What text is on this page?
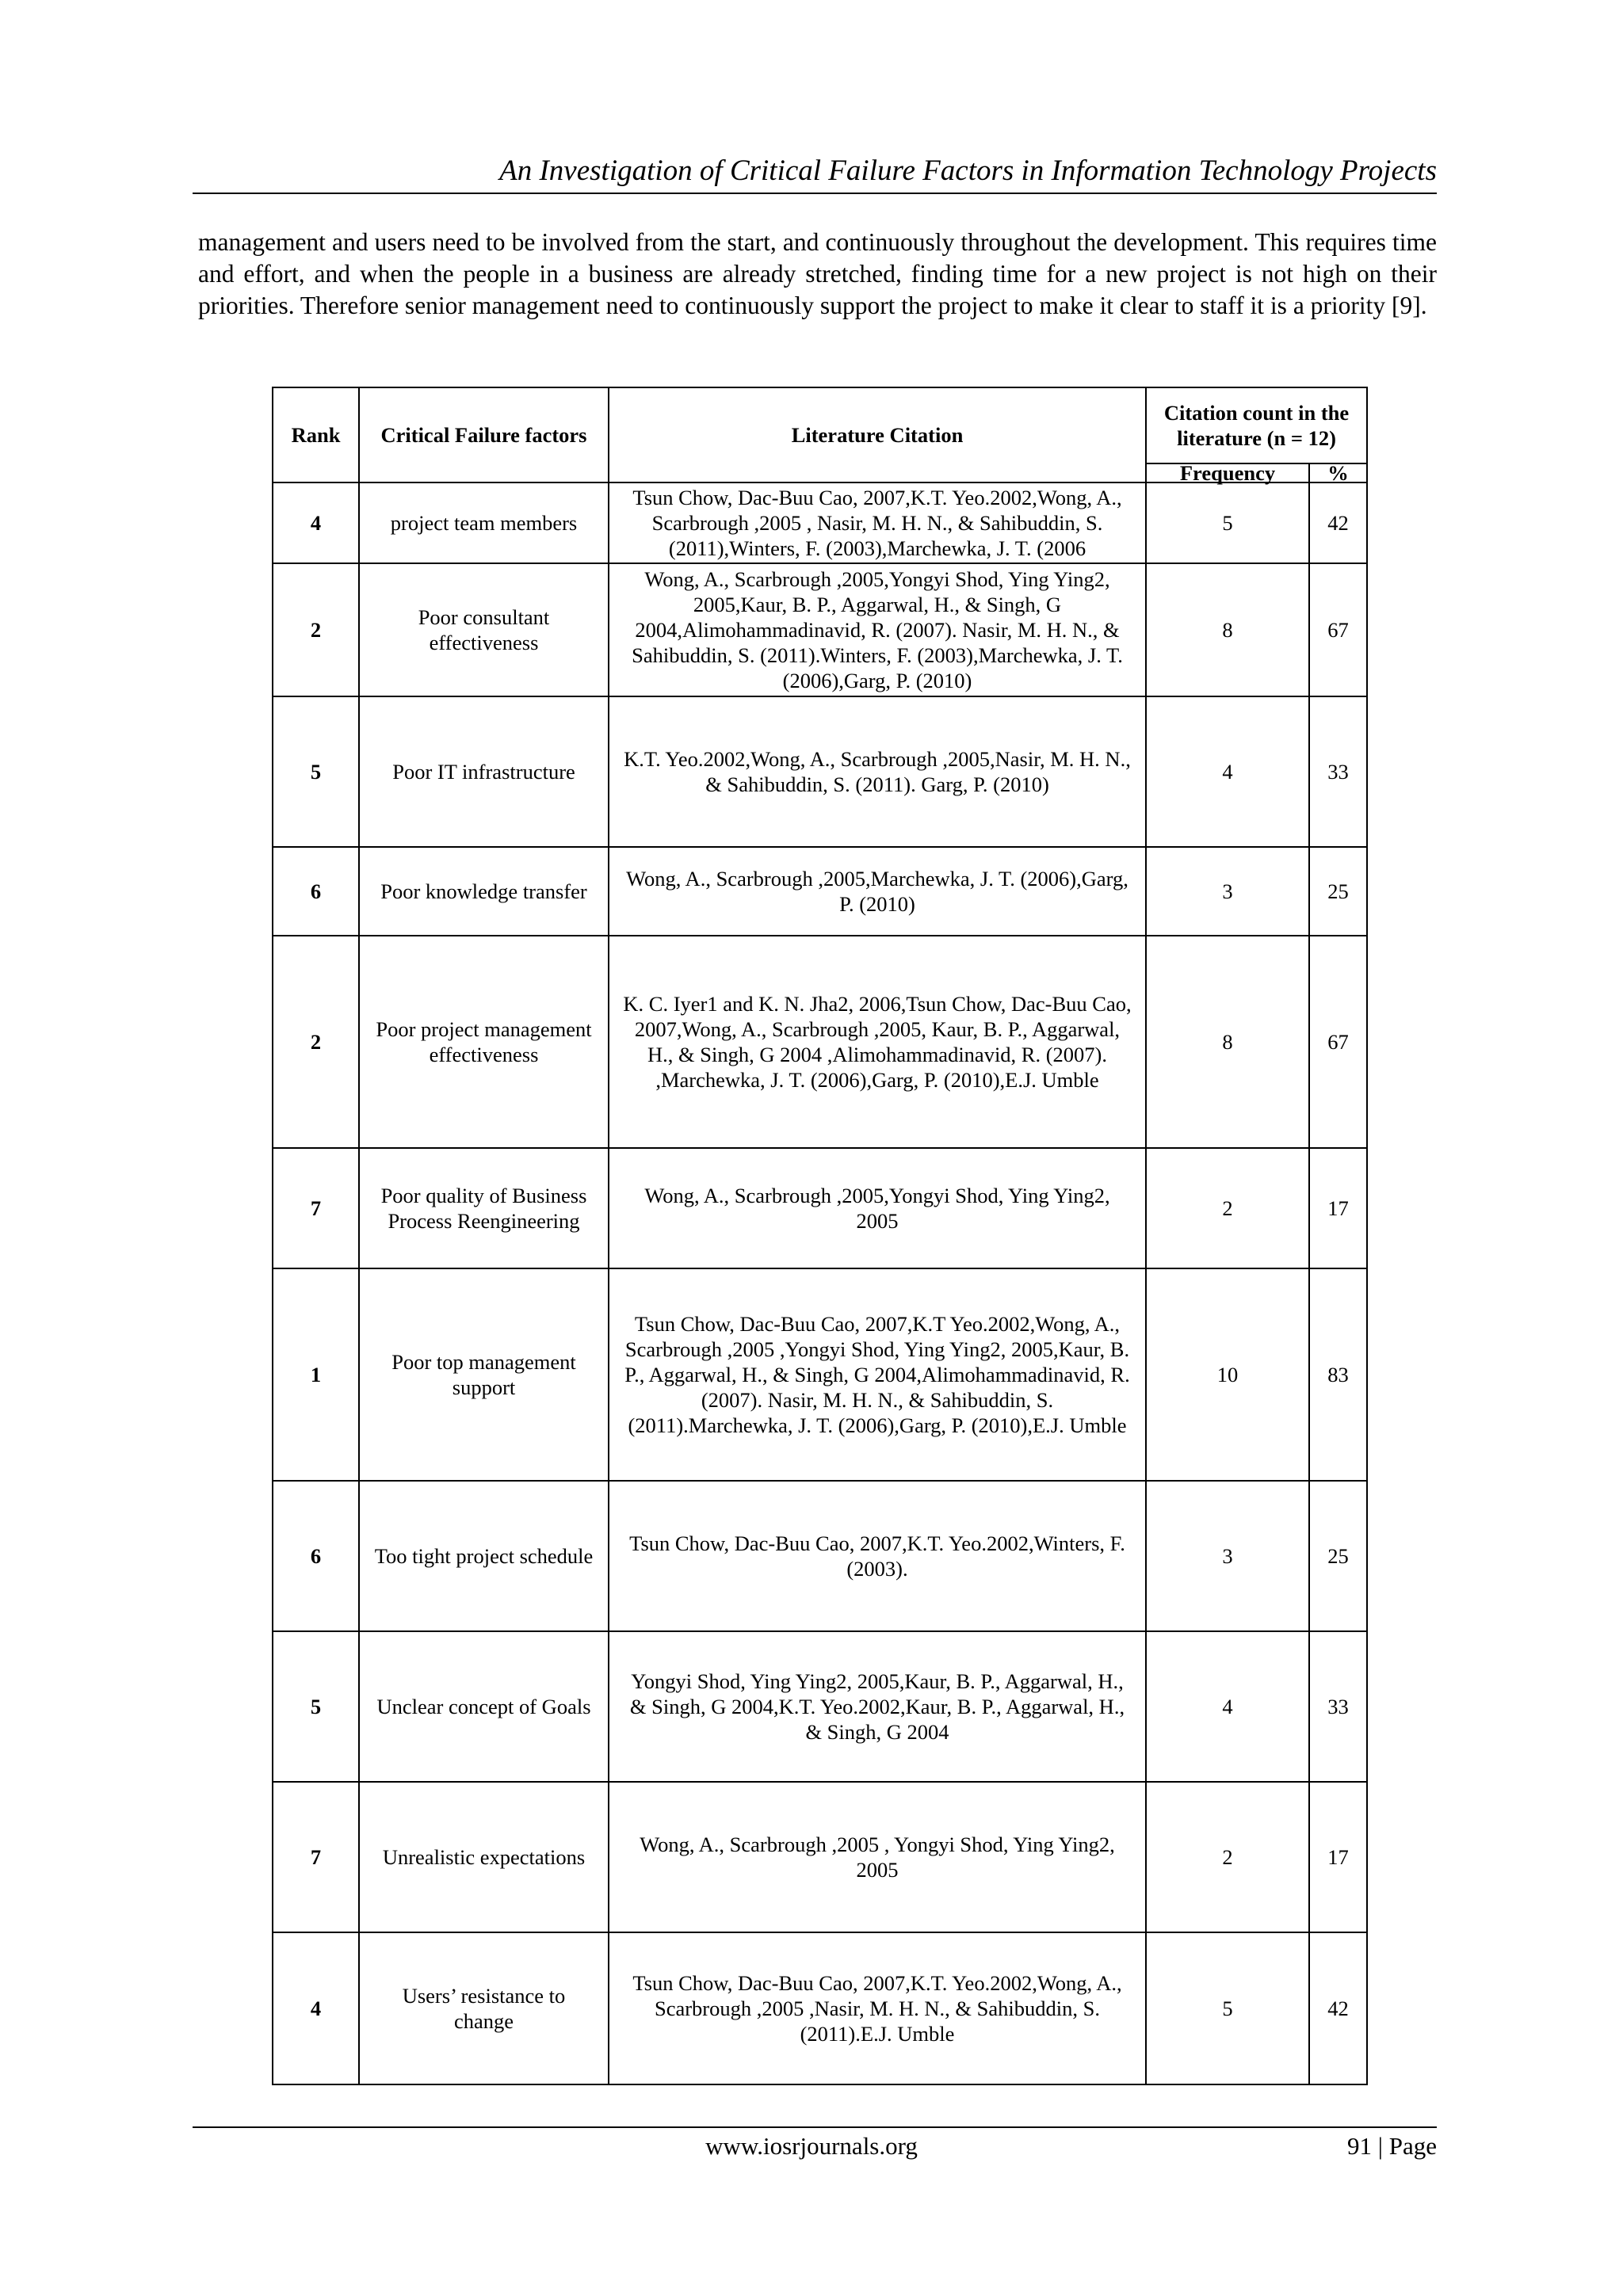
An Investigation of Critical Failure Factors in Information Technology Projects

management and users need to be involved from the start, and continuously throughout the development. This requires time and effort, and when the people in a business are already stretched, finding time for a new project is not high on their priorities. Therefore senior management need to continuously support the project to make it clear to staff it is a priority [9].

Rank	Critical Failure factors	Literature Citation	Citation count in the literature (n = 12)	
			Frequency	%
4	project team members	Tsun Chow, Dac-Buu Cao, 2007,K.T. Yeo.2002,Wong, A., Scarbrough ,2005 , Nasir, M. H. N., & Sahibuddin, S. (2011),Winters, F. (2003),Marchewka, J. T. (2006	5	42
2	Poor consultant effectiveness	Wong, A., Scarbrough ,2005,Yongyi Shod, Ying Ying2, 2005,Kaur, B. P., Aggarwal, H., & Singh, G 2004,Alimohammadinavid, R. (2007). Nasir, M. H. N., & Sahibuddin, S. (2011).Winters, F. (2003),Marchewka, J. T. (2006),Garg, P. (2010)	8	67
5	Poor IT infrastructure	K.T. Yeo.2002,Wong, A., Scarbrough ,2005,Nasir, M. H. N., & Sahibuddin, S. (2011). Garg, P. (2010)	4	33
6	Poor knowledge transfer	Wong, A., Scarbrough ,2005,Marchewka, J. T. (2006),Garg, P. (2010)	3	25
2	Poor project management effectiveness	K. C. Iyer1 and K. N. Jha2, 2006,Tsun Chow, Dac-Buu Cao, 2007,Wong, A., Scarbrough ,2005, Kaur, B. P., Aggarwal, H., & Singh, G 2004 ,Alimohammadinavid, R. (2007). ,Marchewka, J. T. (2006),Garg, P. (2010),E.J. Umble	8	67
7	Poor quality of Business Process Reengineering	Wong, A., Scarbrough ,2005,Yongyi Shod, Ying Ying2, 2005	2	17
1	Poor top management support	Tsun Chow, Dac-Buu Cao, 2007,K.T Yeo.2002,Wong, A., Scarbrough ,2005 ,Yongyi Shod, Ying Ying2, 2005,Kaur, B. P., Aggarwal, H., & Singh, G 2004,Alimohammadinavid, R. (2007). Nasir, M. H. N., & Sahibuddin, S. (2011).Marchewka, J. T. (2006),Garg, P. (2010),E.J. Umble	10	83
6	Too tight project schedule	Tsun Chow, Dac-Buu Cao, 2007,K.T. Yeo.2002,Winters, F. (2003).	3	25
5	Unclear concept of Goals	Yongyi Shod, Ying Ying2, 2005,Kaur, B. P., Aggarwal, H., & Singh, G 2004,K.T. Yeo.2002,Kaur, B. P., Aggarwal, H., & Singh, G 2004	4	33
7	Unrealistic expectations	Wong, A., Scarbrough ,2005 , Yongyi Shod, Ying Ying2, 2005	2	17
4	Users’ resistance to change	Tsun Chow, Dac-Buu Cao, 2007,K.T. Yeo.2002,Wong, A., Scarbrough ,2005 ,Nasir, M. H. N., & Sahibuddin, S. (2011).E.J. Umble	5	42
www.iosrjournals.org	91 | Page
